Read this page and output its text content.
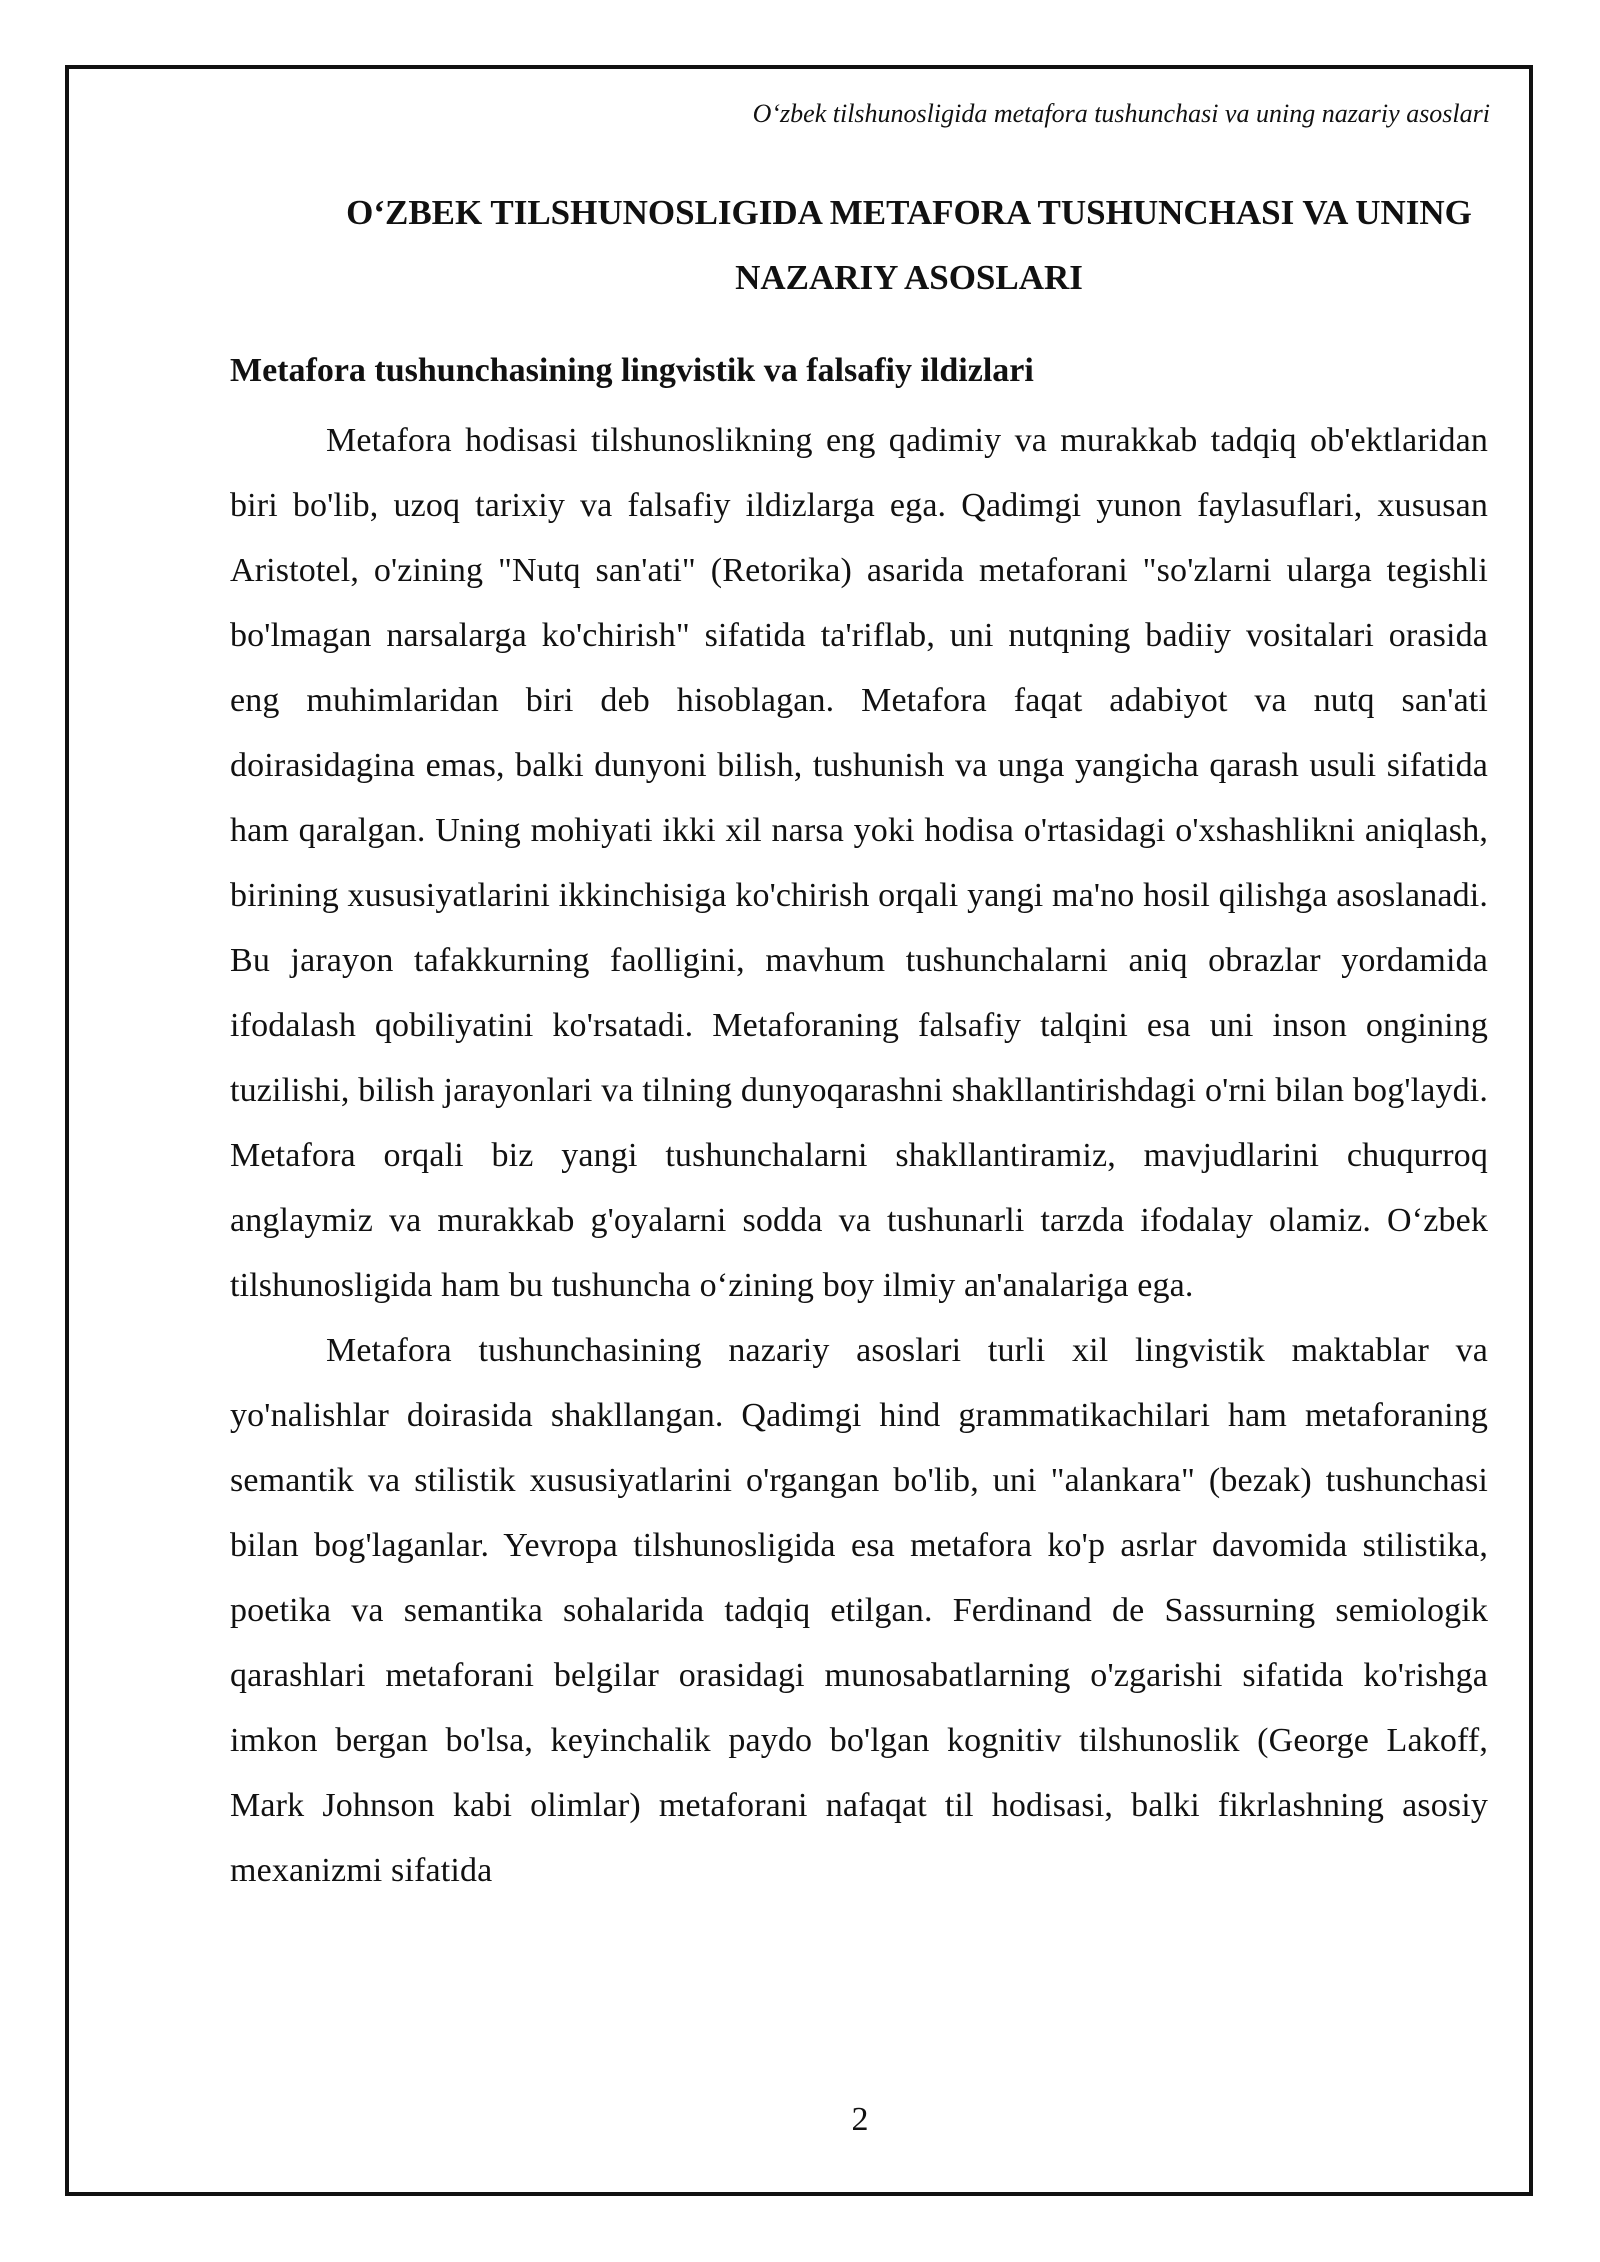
O‘zbek tilshunosligida metafora tushunchasi va uning nazariy asoslari
O‘ZBEK TILSHUNOSLIGIDA METAFORA TUSHUNCHASI VA UNING NAZARIY ASOSLARI
Metafora tushunchasining lingvistik va falsafiy ildizlari

Metafora hodisasi tilshunoslikning eng qadimiy va murakkab tadqiq ob'ektlaridan biri bo'lib, uzoq tarixiy va falsafiy ildizlarga ega. Qadimgi yunon faylasuflari, xususan Aristotel, o'zining "Nutq san'ati" (Retorika) asarida metaforani "so'zlarni ularga tegishli bo'lmagan narsalarga ko'chirish" sifatida ta'riflab, uni nutqning badiiy vositalari orasida eng muhimlaridan biri deb hisoblagan. Metafora faqat adabiyot va nutq san'ati doirasidagina emas, balki dunyoni bilish, tushunish va unga yangicha qarash usuli sifatida ham qaralgan. Uning mohiyati ikki xil narsa yoki hodisa o'rtasidagi o'xshashlikni aniqlash, birining xususiyatlarini ikkinchisiga ko'chirish orqali yangi ma'no hosil qilishga asoslanadi. Bu jarayon tafakkurning faolligini, mavhum tushunchalarni aniq obrazlar yordamida ifodalash qobiliyatini ko'rsatadi. Metaforaning falsafiy talqini esa uni inson ongining tuzilishi, bilish jarayonlari va tilning dunyoqarashni shakllantirishdagi o'rni bilan bog'laydi. Metafora orqali biz yangi tushunchalarni shakllantiramiz, mavjudlarini chuqurroq anglaymiz va murakkab g'oyalarni sodda va tushunarli tarzda ifodalay olamiz. O‘zbek tilshunosligida ham bu tushuncha o‘zining boy ilmiy an'analariga ega.

Metafora tushunchasining nazariy asoslari turli xil lingvistik maktablar va yo'nalishlar doirasida shakllangan. Qadimgi hind grammatikachilari ham metaforaning semantik va stilistik xususiyatlarini o'rgangan bo'lib, uni "alankara" (bezak) tushunchasi bilan bog'laganlar. Yevropa tilshunosligida esa metafora ko'p asrlar davomida stilistika, poetika va semantika sohalarida tadqiq etilgan. Ferdinand de Sassurning semiologik qarashlari metaforani belgilar orasidagi munosabatlarning o'zgarishi sifatida ko'rishga imkon bergan bo'lsa, keyinchalik paydo bo'lgan kognitiv tilshunoslik (George Lakoff, Mark Johnson kabi olimlar) metaforani nafaqat til hodisasi, balki fikrlashning asosiy mexanizmi sifatida

2
